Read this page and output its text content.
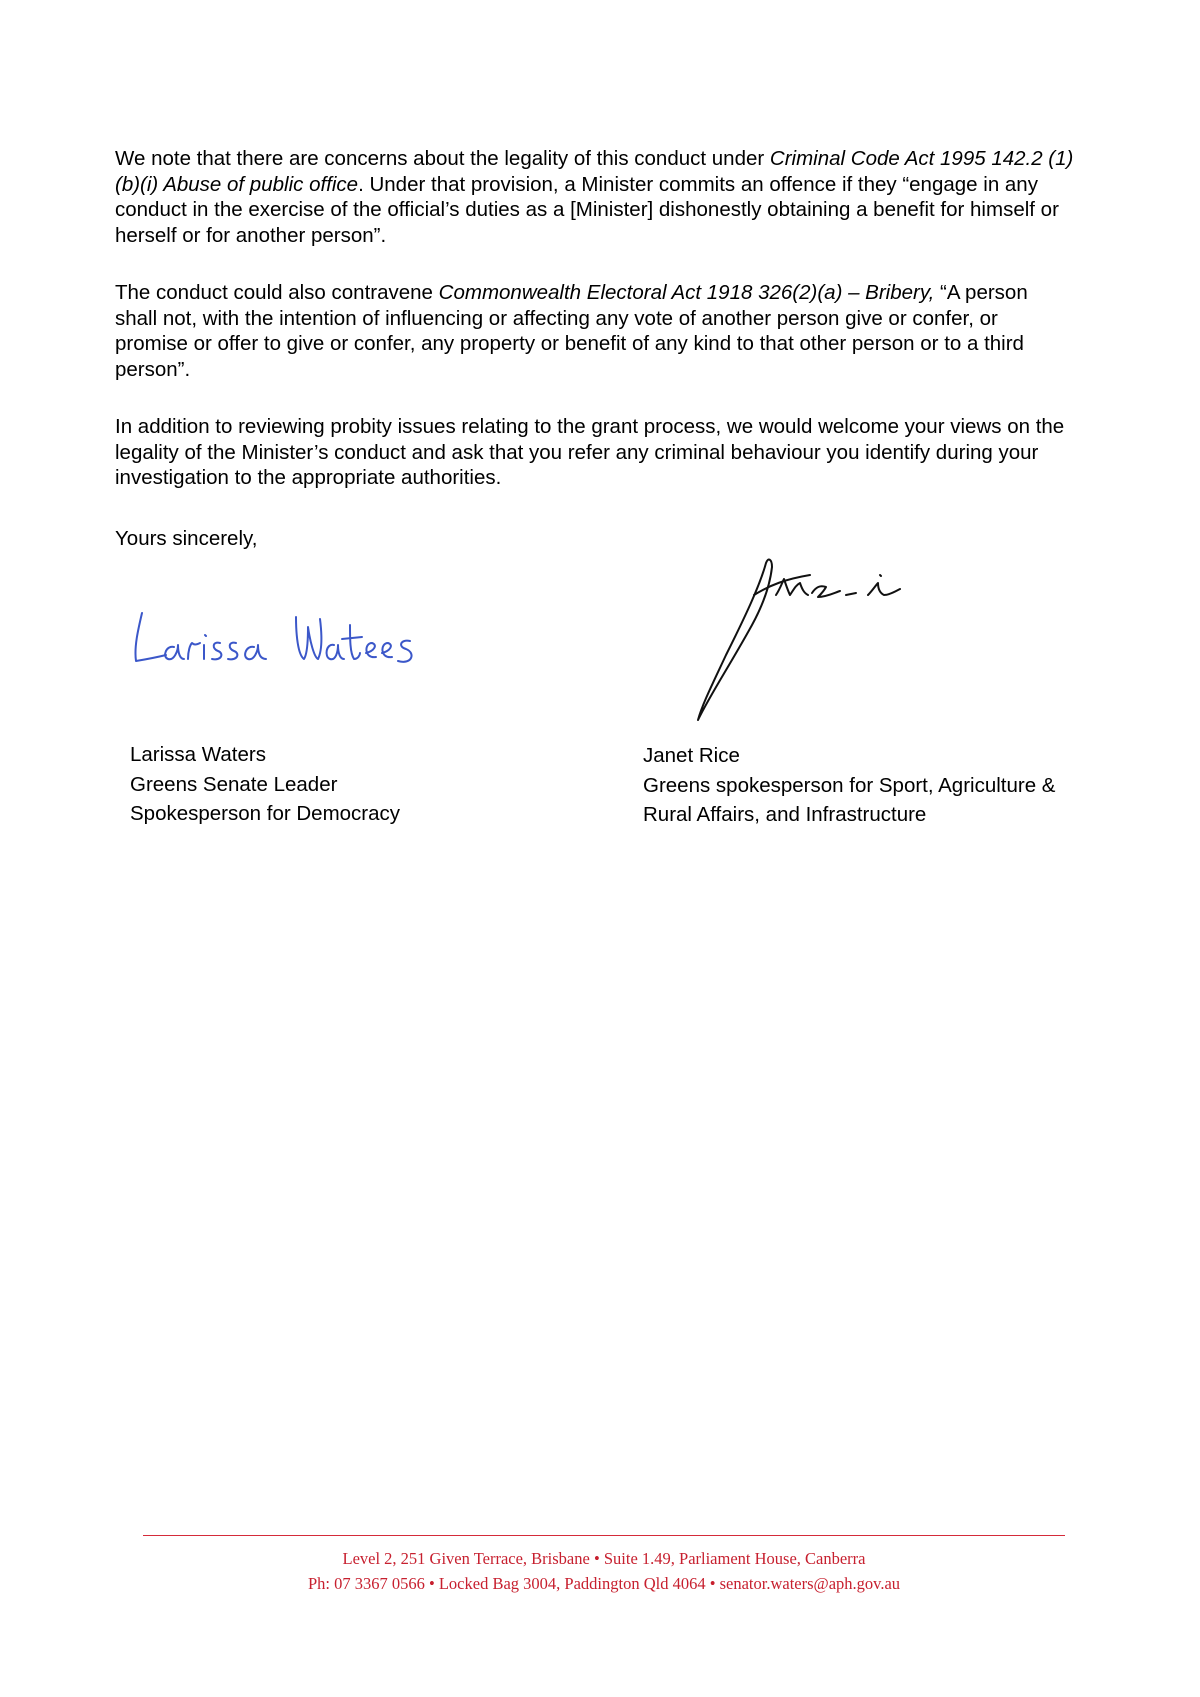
We note that there are concerns about the legality of this conduct under Criminal Code Act 1995 142.2 (1)(b)(i) Abuse of public office. Under that provision, a Minister commits an offence if they “engage in any conduct in the exercise of the official’s duties as a [Minister] dishonestly obtaining a benefit for himself or herself or for another person”.

The conduct could also contravene Commonwealth Electoral Act 1918 326(2)(a) – Bribery, “A person shall not, with the intention of influencing or affecting any vote of another person give or confer, or promise or offer to give or confer, any property or benefit of any kind to that other person or to a third person”.

In addition to reviewing probity issues relating to the grant process, we would welcome your views on the legality of the Minister’s conduct and ask that you refer any criminal behaviour you identify during your investigation to the appropriate authorities.

Yours sincerely,

Larissa Waters
Greens Senate Leader
Spokesperson for Democracy
Janet Rice
Greens spokesperson for Sport, Agriculture &
Rural Affairs, and Infrastructure
Level 2, 251 Given Terrace, Brisbane • Suite 1.49, Parliament House, Canberra
Ph: 07 3367 0566 • Locked Bag 3004, Paddington Qld 4064 • senator.waters@aph.gov.au
